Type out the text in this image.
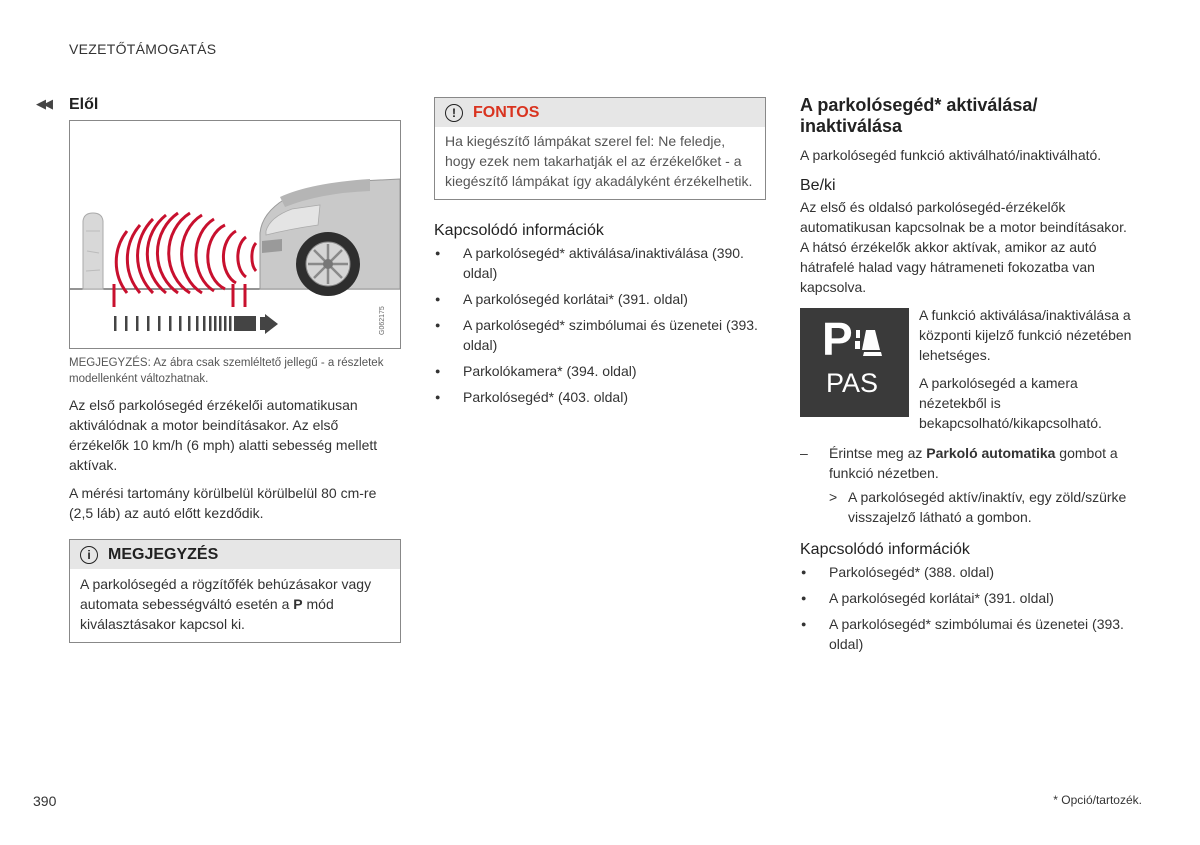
VEZETŐTÁMOGATÁS
◀◀ Elől
G062175
MEGJEGYZÉS: Az ábra csak szemléltető jellegű - a részletek modellenként változhatnak.

Az első parkolósegéd érzékelői automatikusan aktiválódnak a motor beindításakor. Az első érzékelők 10 km/h (6 mph) alatti sebesség mellett aktívak.

A mérési tartomány körülbelül körülbelül 80 cm-re (2,5 láb) az autó előtt kezdődik.

i	MEGJEGYZÉS
A parkolósegéd a rögzítőfék behúzásakor vagy automata sebességváltó esetén a P mód kiválasztásakor kapcsol ki.
!	FONTOS
Ha kiegészítő lámpákat szerel fel: Ne feledje, hogy ezek nem takarhatják el az érzékelőket - a kiegészítő lámpákat így akadályként érzékelhetik.
Kapcsolódó információk
● A parkolósegéd* aktiválása/inaktiválása (390. oldal)
● A parkolósegéd korlátai* (391. oldal)
● A parkolósegéd* szimbólumai és üzenetei (393. oldal)
● Parkolókamera* (394. oldal)
● Parkolósegéd* (403. oldal)
A parkolósegéd* aktiválása/ inaktiválása
A parkolósegéd funkció aktiválható/inaktiválható.
Be/ki

Az első és oldalsó parkolósegéd-érzékelők automatikusan kapcsolnak be a motor beindításakor. A hátsó érzékelők akkor aktívak, amikor az autó hátrafelé halad vagy hátrameneti fokozatba van kapcsolva.

P
PAS
A funkció aktiválása/inaktiválása a központi kijelző funkció nézetében lehetséges.
A parkolósegéd a kamera nézetekből is bekapcsolható/kikapcsolható.
– Érintse meg az Parkoló automatika gombot a funkció nézetben.
> A parkolósegéd aktív/inaktív, egy zöld/szürke visszajelző látható a gombon.
Kapcsolódó információk
● Parkolósegéd* (388. oldal)
● A parkolósegéd korlátai* (391. oldal)
● A parkolósegéd* szimbólumai és üzenetei (393. oldal)
390	* Opció/tartozék.
